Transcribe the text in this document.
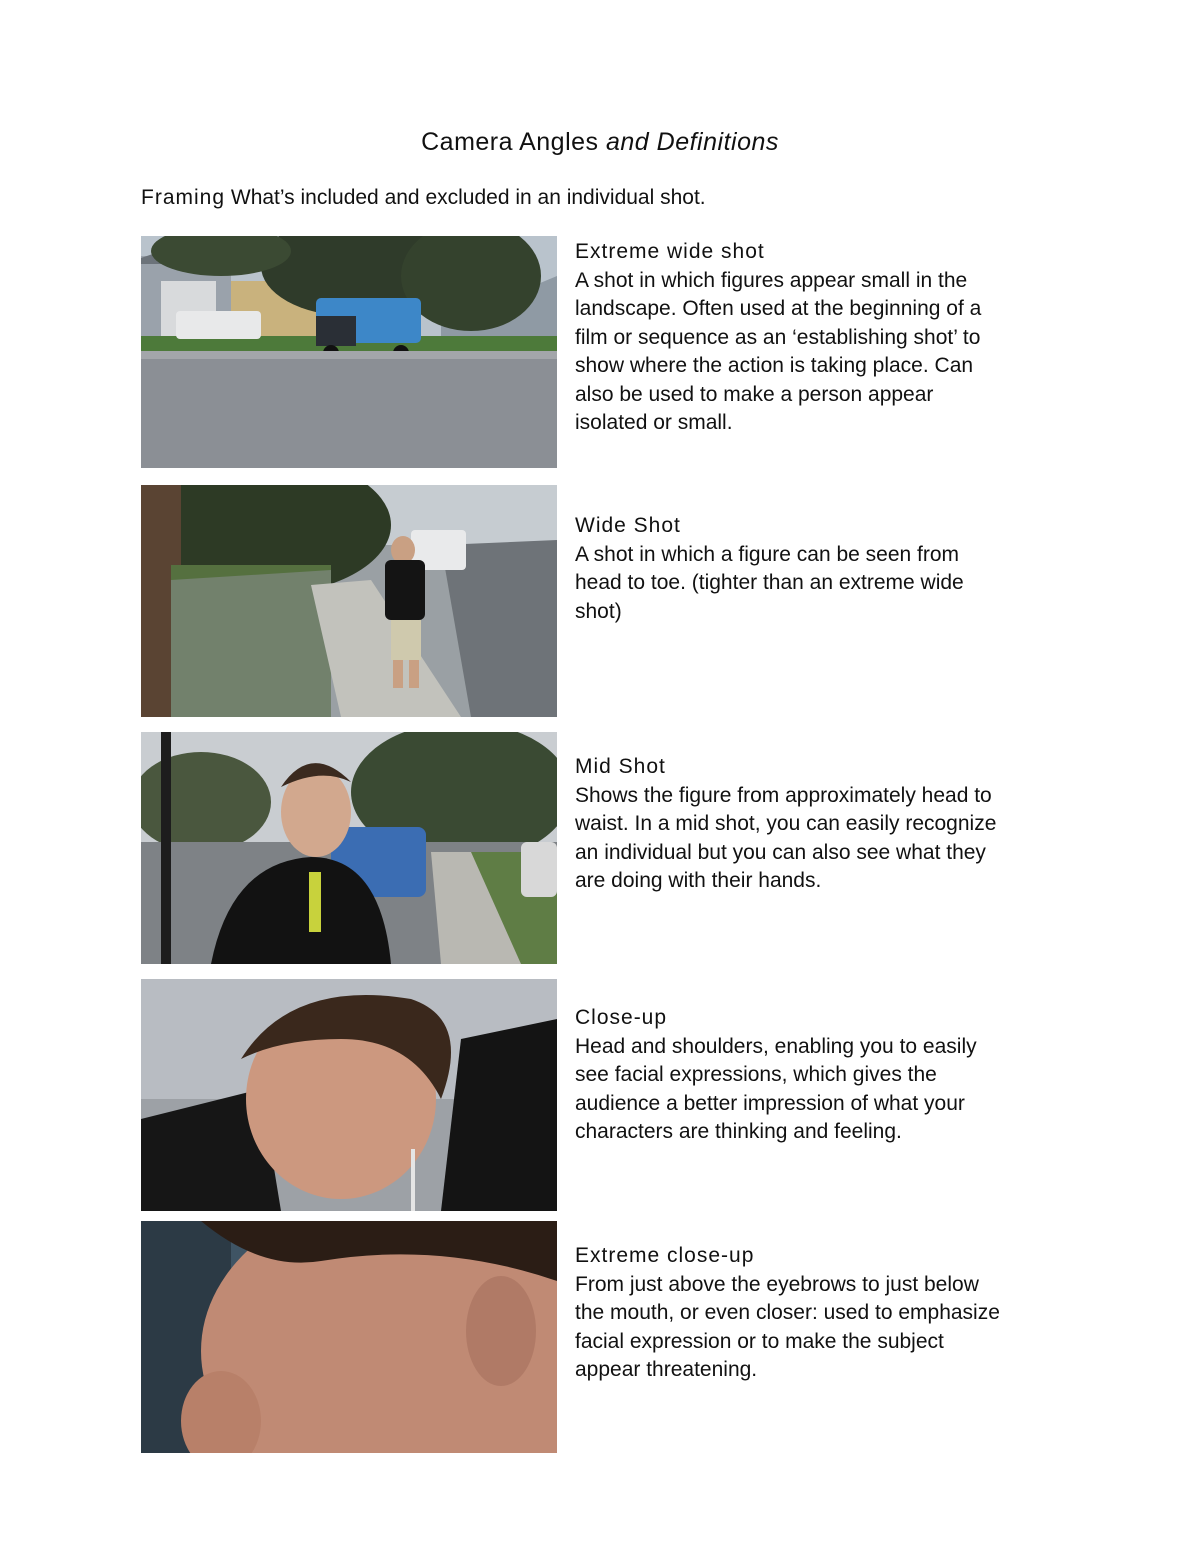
Camera Angles and Definitions
Framing What’s included and excluded in an individual shot.
Extreme wide shot
A shot in which figures appear small in the
landscape. Often used at the beginning of a
film or sequence as an ‘establishing shot’ to
show where the action is taking place. Can
also be used to make a person appear
isolated or small.
Wide Shot
A shot in which a figure can be seen from
head to toe. (tighter than an extreme wide
shot)
Mid Shot
Shows the figure from approximately head to
waist. In a mid shot, you can easily recognize
an individual but you can also see what they
are doing with their hands.
Close-up
Head and shoulders, enabling you to easily
see facial expressions, which gives the
audience a better impression of what your
characters are thinking and feeling.
Extreme close-up
From just above the eyebrows to just below
the mouth, or even closer: used to emphasize
facial expression or to make the subject
appear threatening.
